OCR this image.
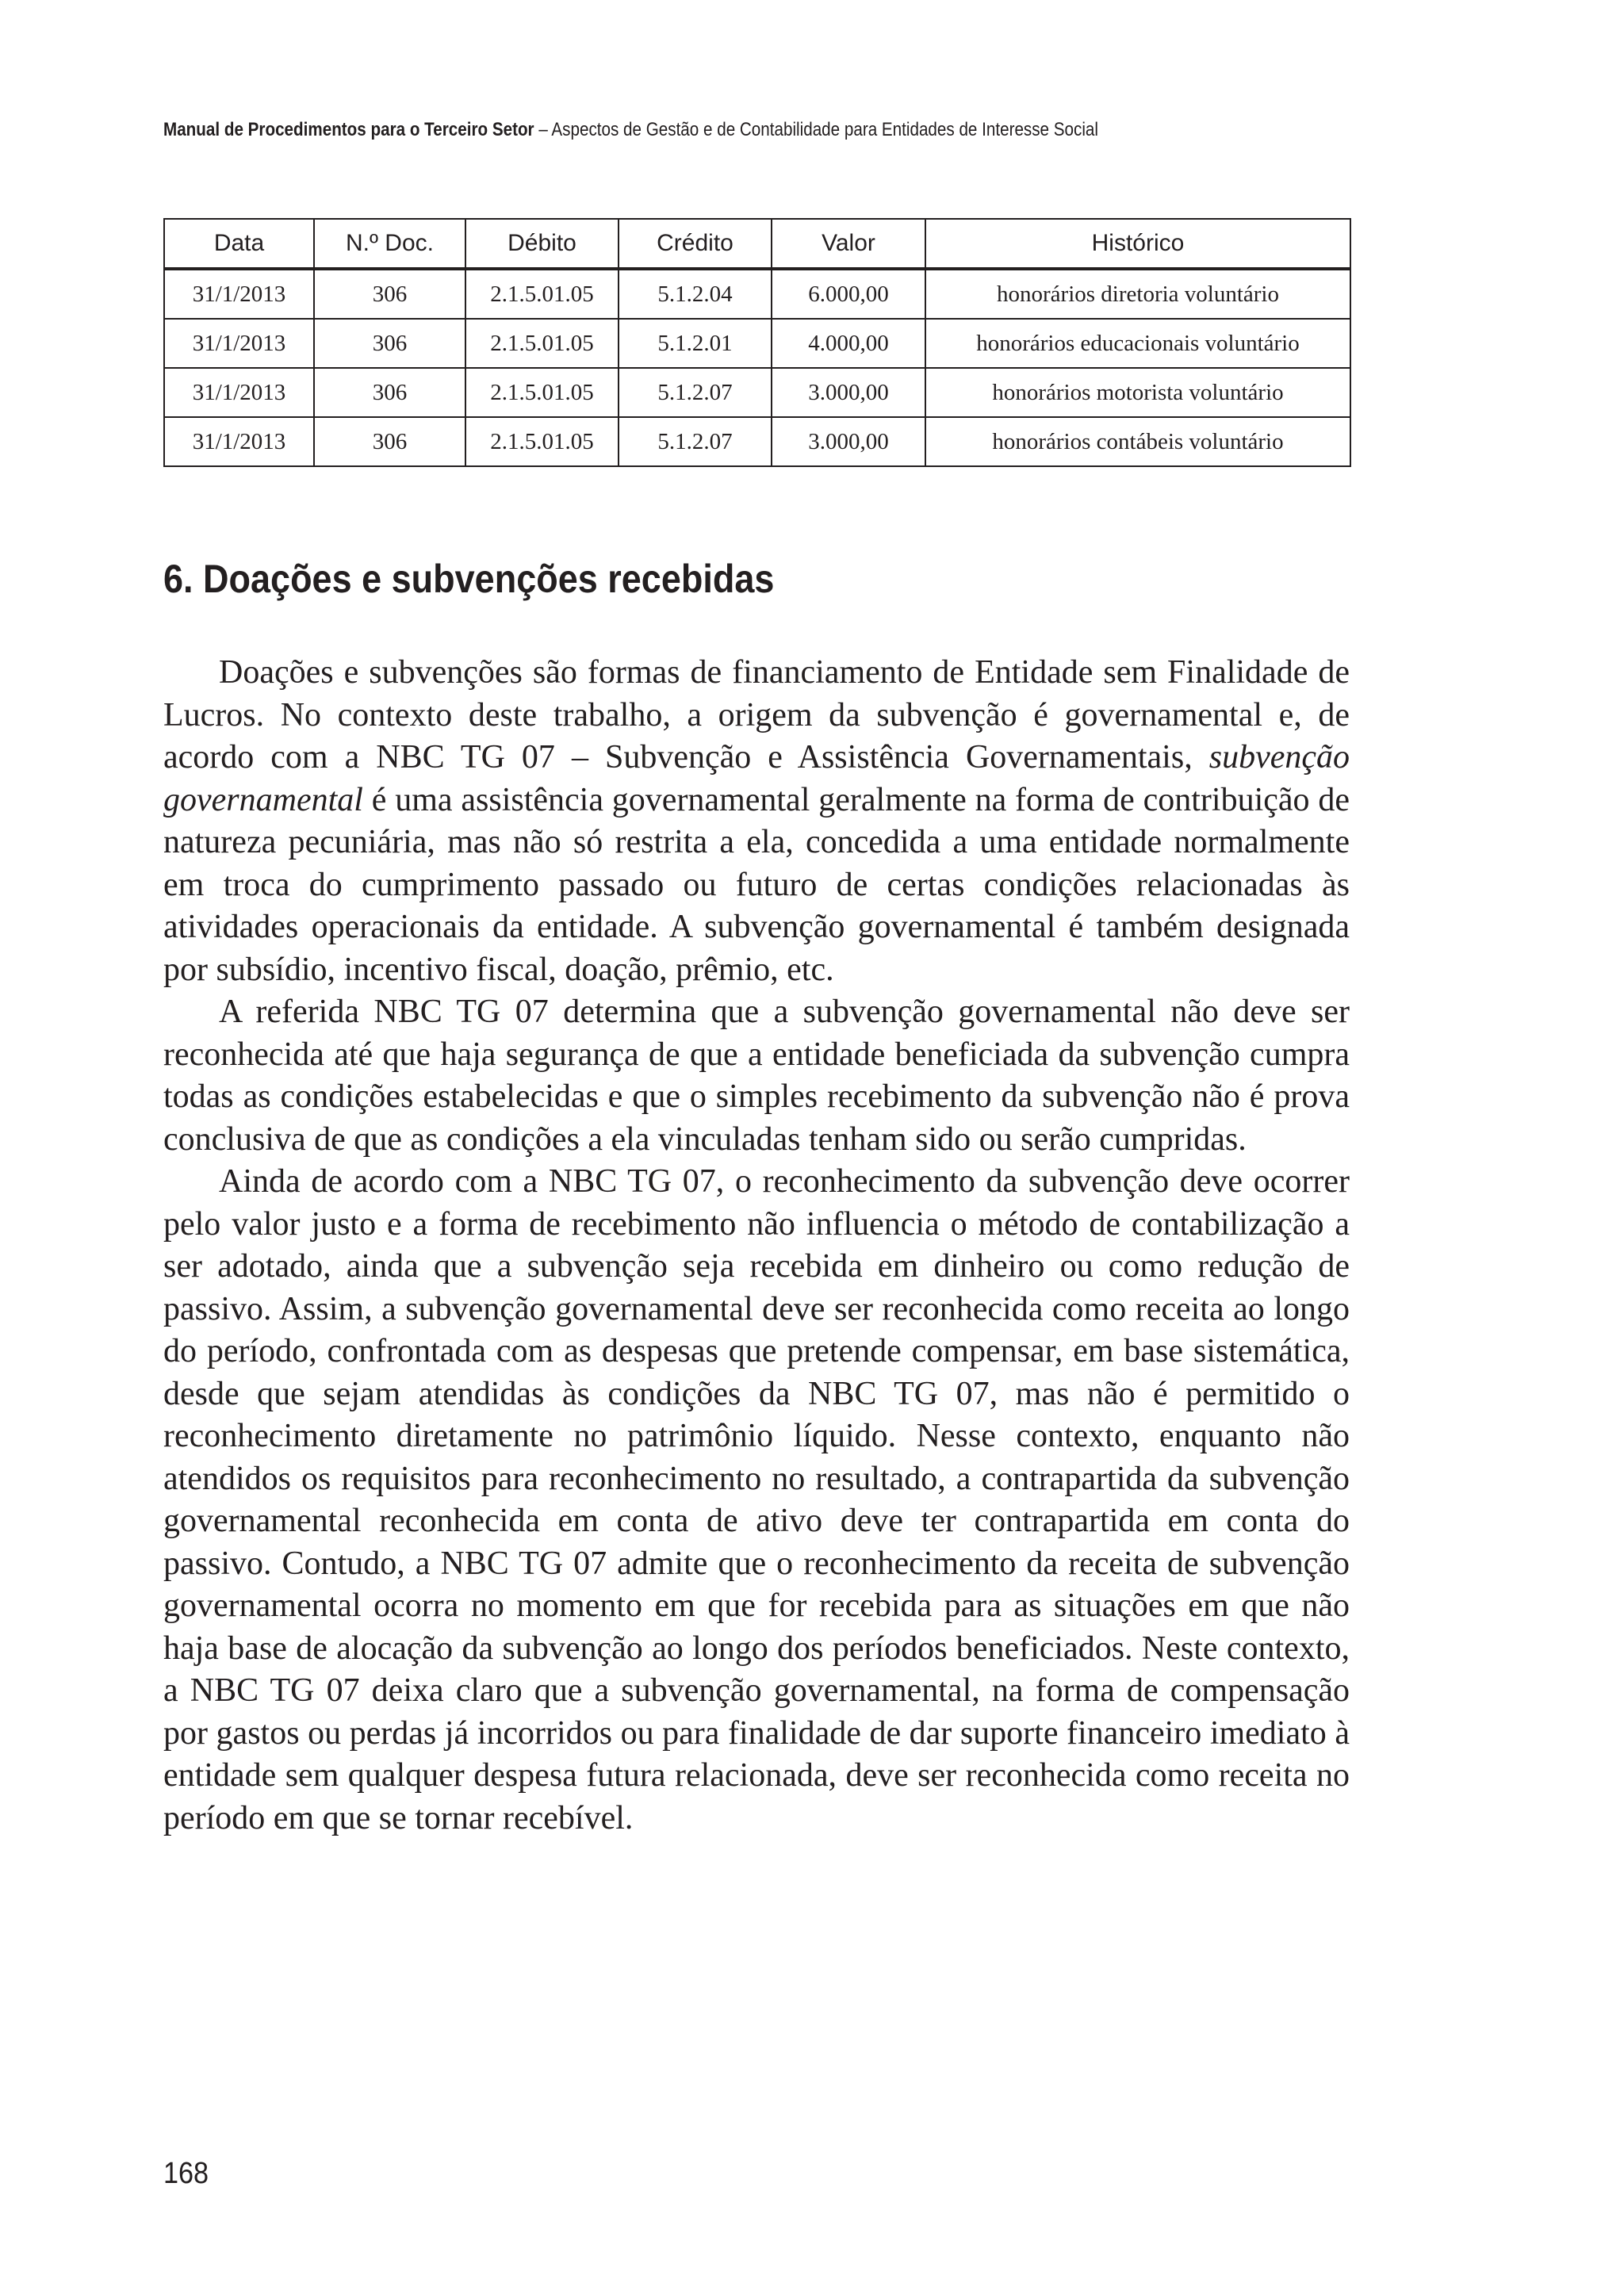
Manual de Procedimentos para o Terceiro Setor – Aspectos de Gestão e de Contabilidade para Entidades de Interesse Social
Data	N.º Doc.	Débito	Crédito	Valor	Histórico
31/1/2013	306	2.1.5.01.05	5.1.2.04	6.000,00	honorários diretoria voluntário
31/1/2013	306	2.1.5.01.05	5.1.2.01	4.000,00	honorários educacionais voluntário
31/1/2013	306	2.1.5.01.05	5.1.2.07	3.000,00	honorários motorista voluntário
31/1/2013	306	2.1.5.01.05	5.1.2.07	3.000,00	honorários contábeis voluntário
6. Doações e subvenções recebidas

Doações e subvenções são formas de financiamento de Entidade sem Finalidade de Lucros. No contexto deste trabalho, a origem da subvenção é governamental e, de acordo com a NBC TG 07 – Subvenção e Assistência Governamentais, subvenção governamental é uma assistência governamental geralmente na forma de contribuição de natureza pecuniária, mas não só restrita a ela, concedida a uma entidade normalmente em troca do cumprimento passado ou futuro de certas condições relacionadas às atividades operacionais da entidade. A subvenção governamental é também designada por subsídio, incentivo fiscal, doação, prêmio, etc.

A referida NBC TG 07 determina que a subvenção governamental não deve ser reconhecida até que haja segurança de que a entidade beneficiada da subvenção cumpra todas as condições estabelecidas e que o simples recebimento da subvenção não é prova conclusiva de que as condições a ela vinculadas tenham sido ou serão cumpridas.

Ainda de acordo com a NBC TG 07, o reconhecimento da subvenção deve ocorrer pelo valor justo e a forma de recebimento não influencia o método de contabilização a ser adotado, ainda que a subvenção seja recebida em dinheiro ou como redução de passivo. Assim, a subvenção governamental deve ser reconhecida como receita ao longo do período, confrontada com as despesas que pretende compensar, em base sistemática, desde que sejam atendidas às condições da NBC TG 07, mas não é permitido o reconhecimento diretamente no patrimônio líquido. Nesse contexto, enquanto não atendidos os requisitos para reconhecimento no resultado, a contrapartida da subvenção governamental reconhecida em conta de ativo deve ter contrapartida em conta do passivo. Contudo, a NBC TG 07 admite que o reconhecimento da receita de subvenção governamental ocorra no momento em que for recebida para as situações em que não haja base de alocação da subvenção ao longo dos períodos beneficiados. Neste contexto, a NBC TG 07 deixa claro que a subvenção governamental, na forma de compensação por gastos ou perdas já incorridos ou para finalidade de dar suporte financeiro imediato à entidade sem qualquer despesa futura relacionada, deve ser reconhecida como receita no período em que se tornar recebível.

168
